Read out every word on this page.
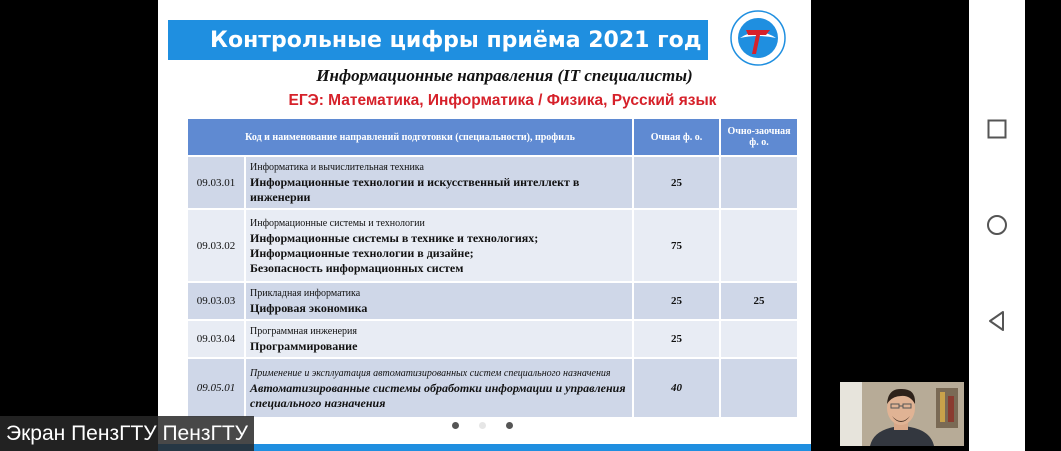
Контрольные цифры приёма 2021 год
Информационные направления (IT специалисты)
ЕГЭ: Математика, Информатика / Физика, Русский язык
Код и наименование направлений подготовки (специальности), профиль		Очная ф. о.	Очно-заочная ф. о.
09.03.01	Информатика и вычислительная техника
Информационные технологии и искусственный интеллект в инженерии	25	
09.03.02	Информационные системы и технологии
Информационные системы в технике и технологиях;
Информационные технологии в дизайне;
Безопасность информационных систем	75	
09.03.03	Прикладная информатика
Цифровая экономика	25	25
09.03.04	Программная инженерия
Программирование	25	
09.05.01	Применение и эксплуатация автоматизированных систем специального назначения
Автоматизированные системы обработки информации и управления специального назначения	40	
Экран ПензГТУ ПензГТУ
